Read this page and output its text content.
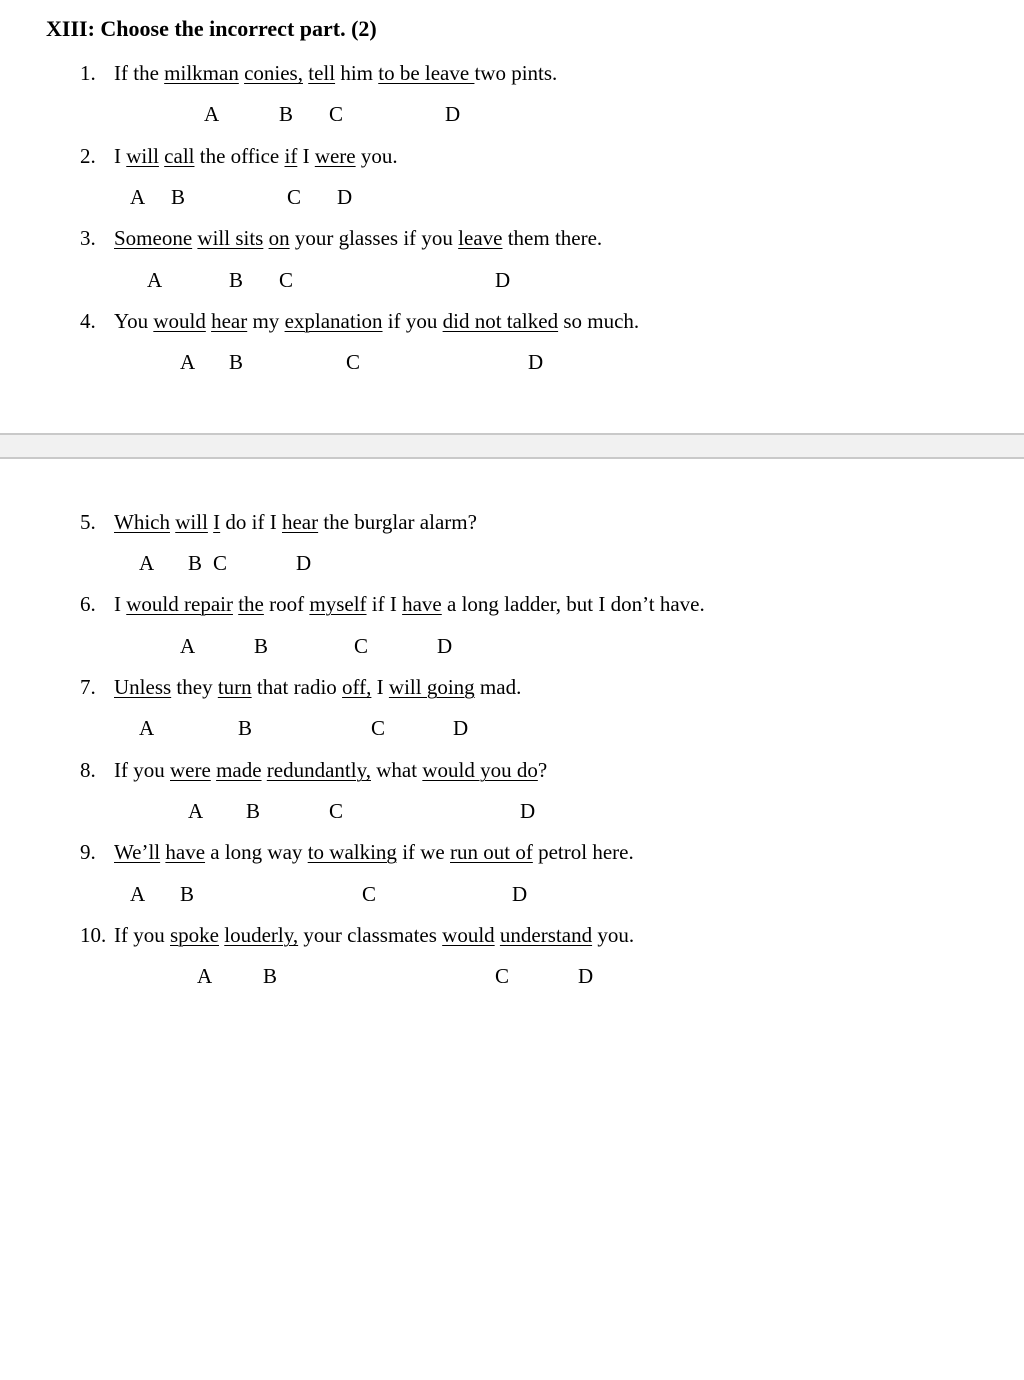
XIII: Choose the incorrect part. (2)
1. If the milkman conies, tell him to be leave two pints.
A	B C	D
2. I will call the office if I were you.
A B	C D
3. Someone will sits on your glasses if you leave them there.
A	B C	D
4. You would hear my explanation if you did not talked so much.
A B	C	D
5. Which will I do if I hear the burglar alarm?
A B C	D
6. I would repair the roof myself if I have a long ladder, but I don’t have.
A	B	C	D
7. Unless they turn that radio off, I will going mad.
A	B	C	D
8. If you were made redundantly, what would you do?
A B	C	D
9. We’ll have a long way to walking if we run out of petrol here.
A B	C	D
10. If you spoke louderly, your classmates would understand you.
A B	C	D
